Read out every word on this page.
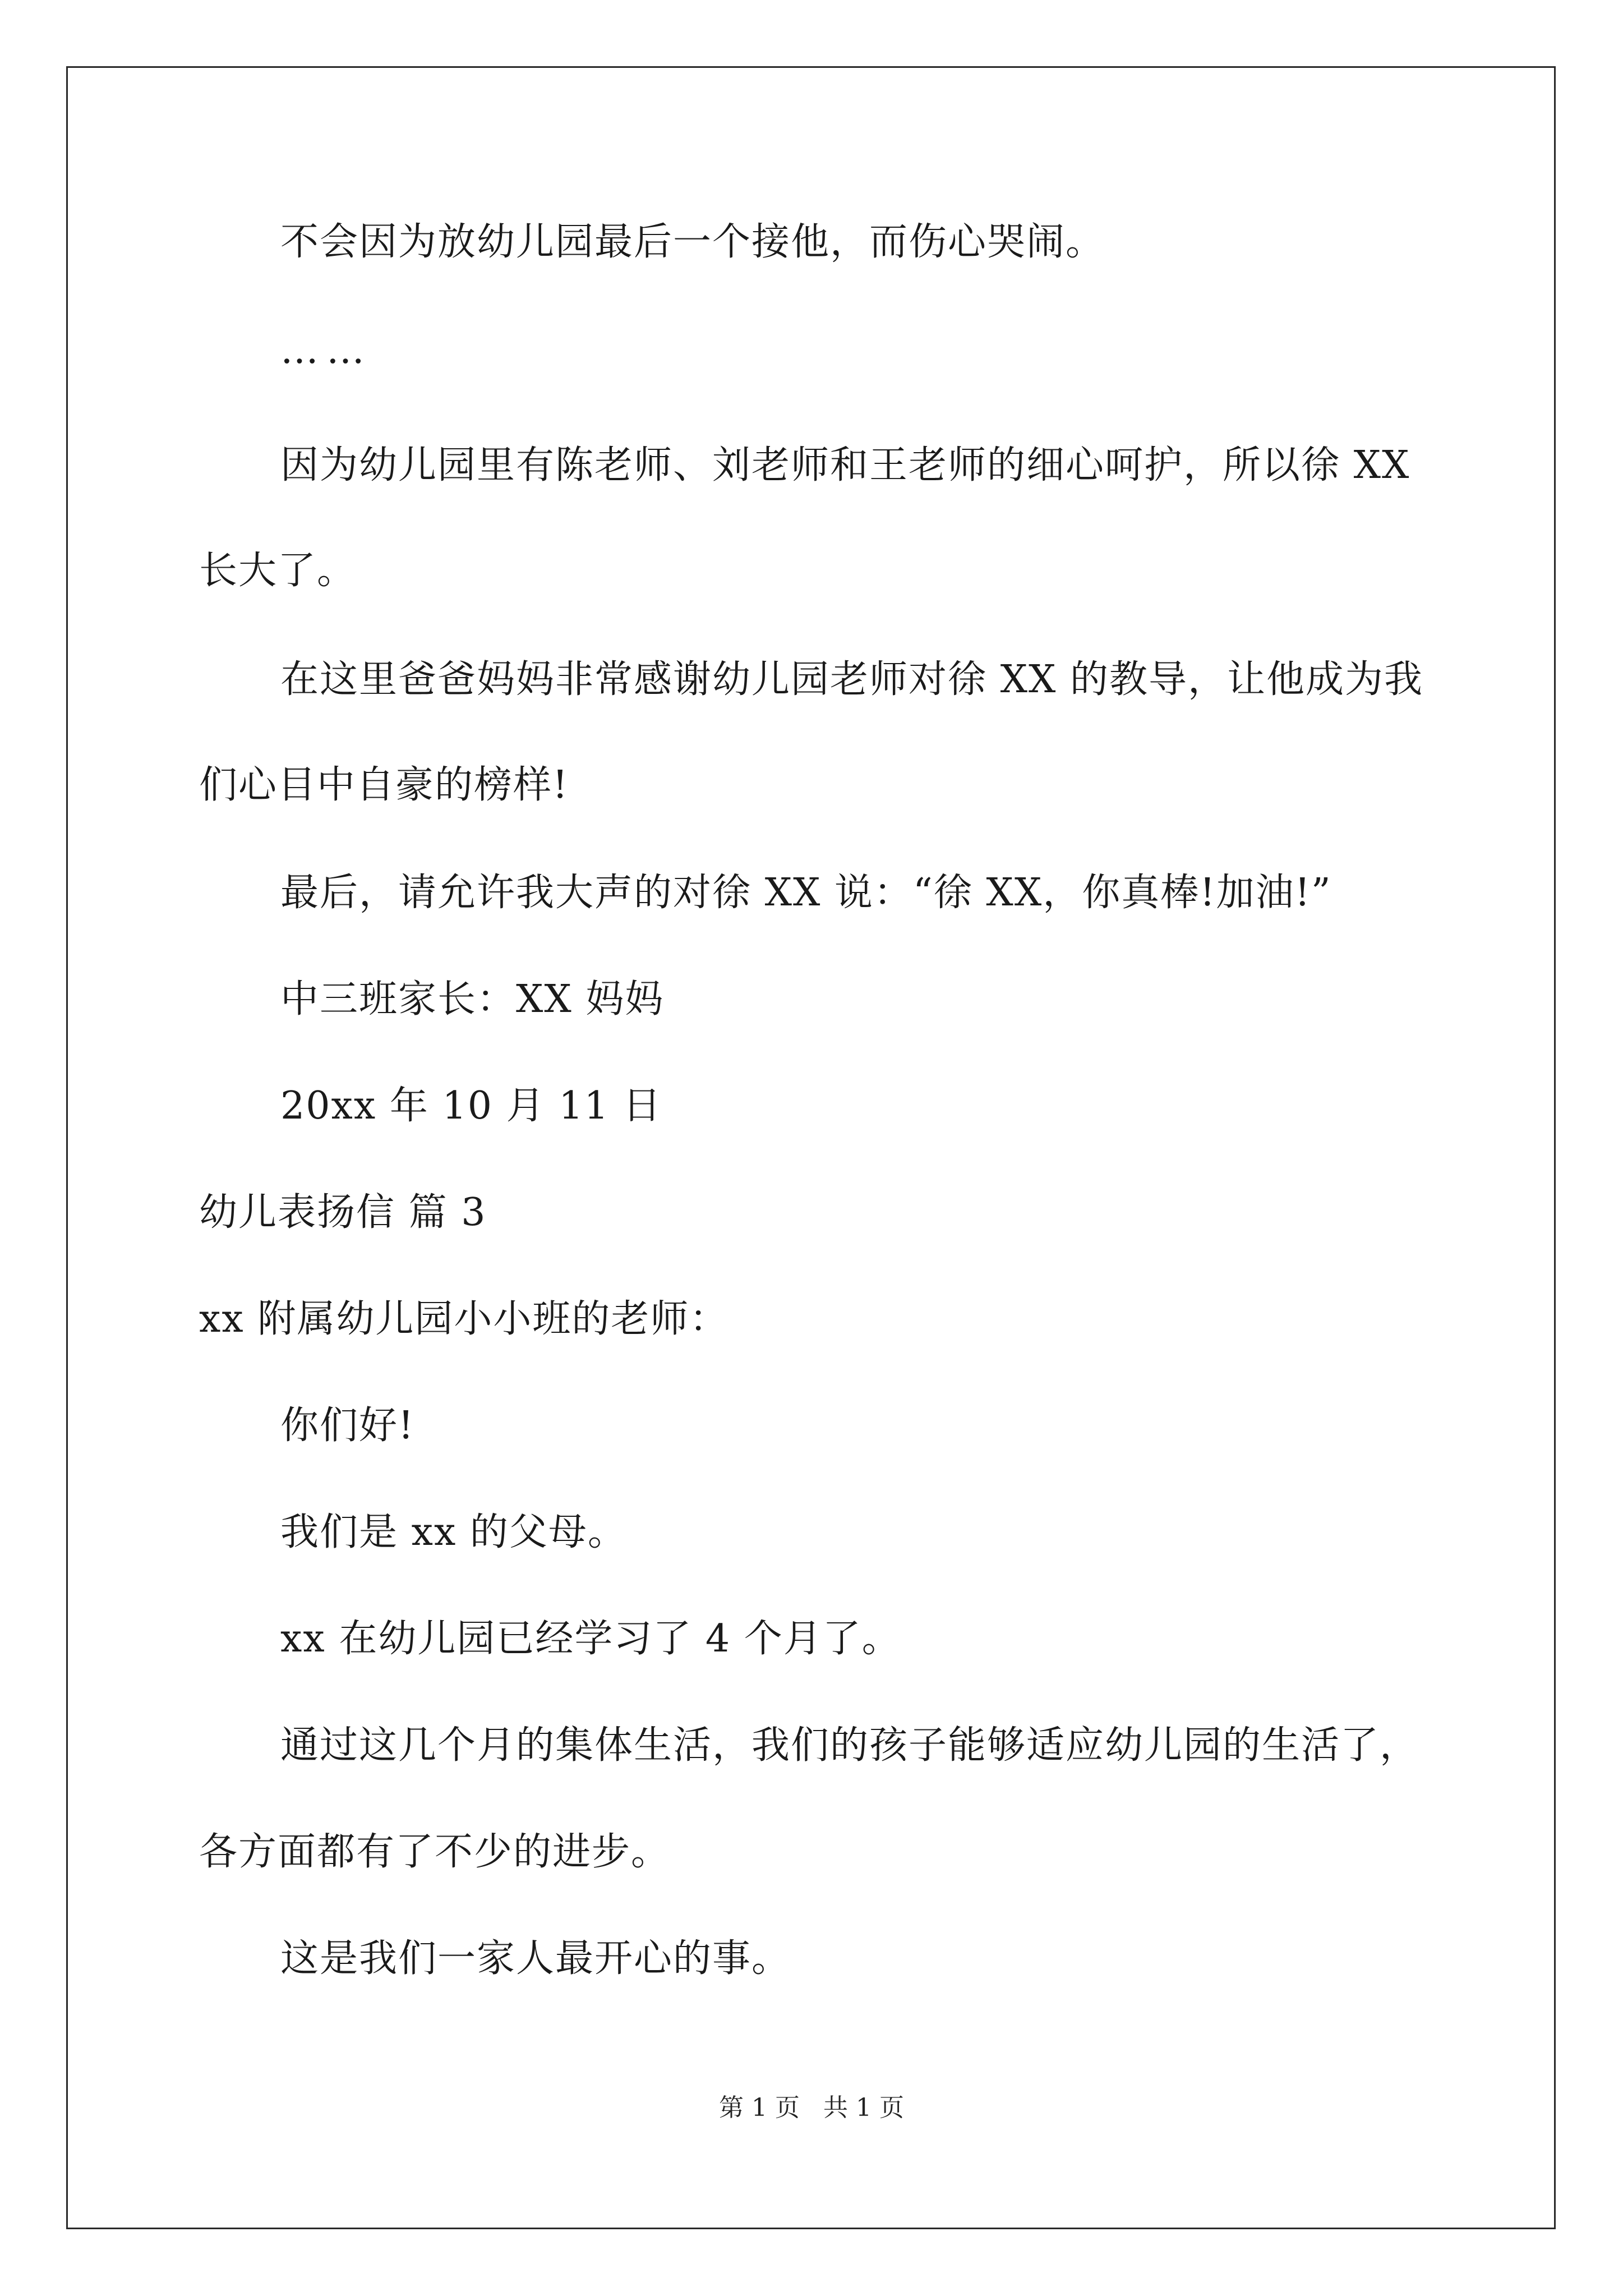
不会因为放幼儿园最后一个接他，而伤心哭闹。
……
因为幼儿园里有陈老师、刘老师和王老师的细心呵护，所以徐 XX
长大了。
在这里爸爸妈妈非常感谢幼儿园老师对徐 XX 的教导，让他成为我
们心目中自豪的榜样!
最后，请允许我大声的对徐 XX 说：“徐 XX，你真棒!加油!”
中三班家长：XX 妈妈
20xx 年 10 月 11 日
幼儿表扬信 篇 3
xx 附属幼儿园小小班的老师：
你们好!
我们是 xx 的父母。
xx 在幼儿园已经学习了 4 个月了。
通过这几个月的集体生活，我们的孩子能够适应幼儿园的生活了，
各方面都有了不少的进步。
这是我们一家人最开心的事。
第 1 页 共 1 页
